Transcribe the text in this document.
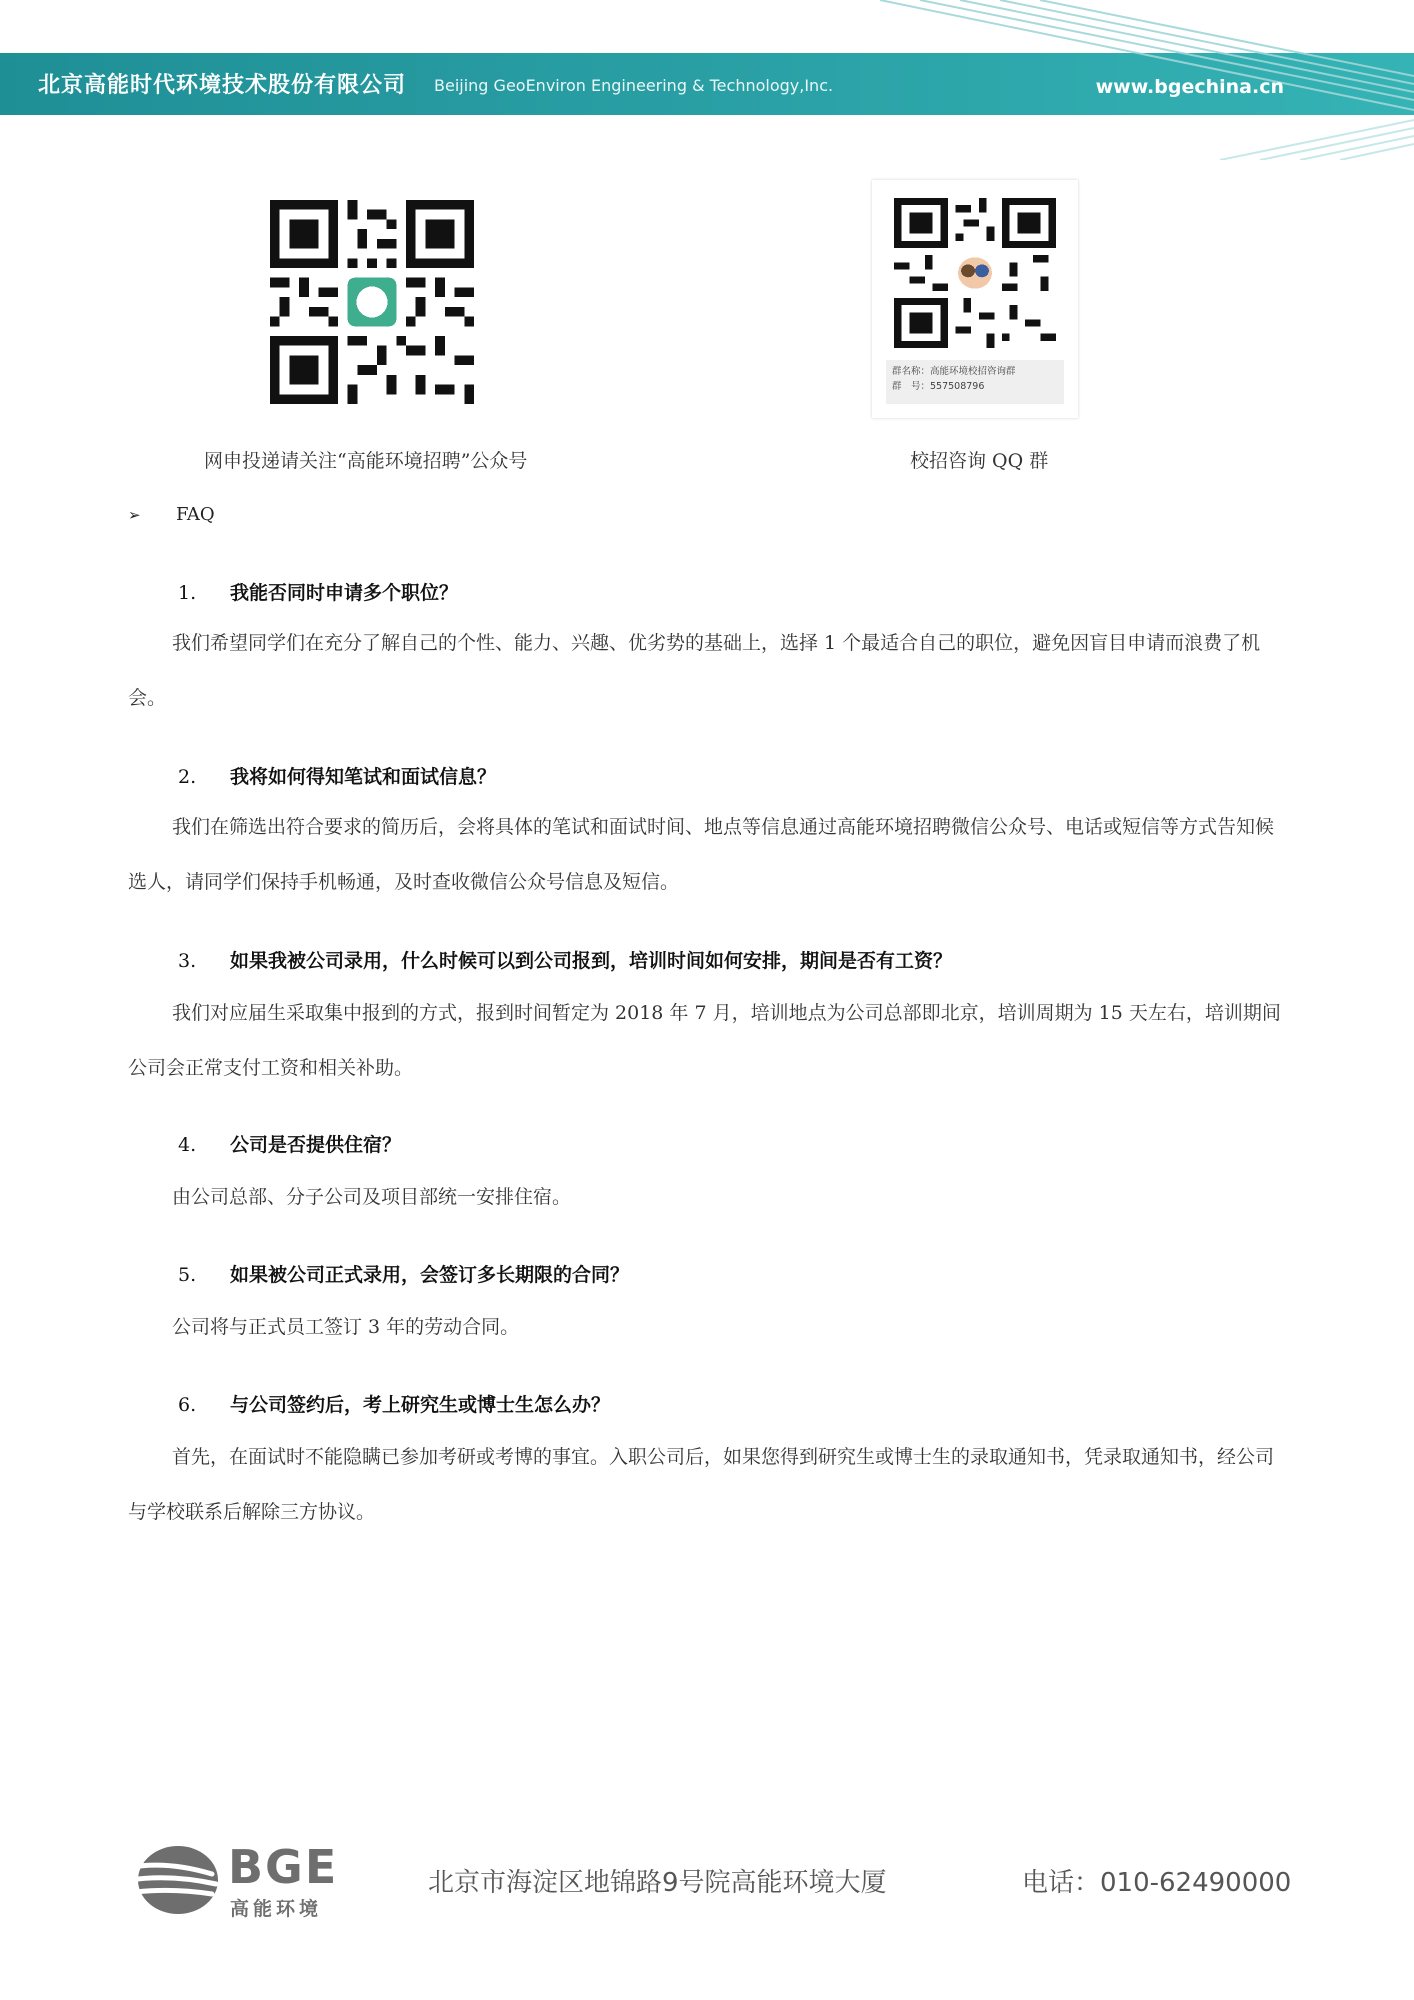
北京高能时代环境技术股份有限公司 Beijing GeoEnviron Engineering & Technology,Inc.	www.bgechina.cn
网申投递请关注“高能环境招聘”公众号
群名称：高能环境校招咨询群
群　号：557508796
校招咨询 QQ 群
➢ FAQ
1. 我能否同时申请多个职位？
我们希望同学们在充分了解自己的个性、能力、兴趣、优劣势的基础上，选择 1 个最适合自己的职位，避免因盲目申请而浪费了机会。
2. 我将如何得知笔试和面试信息？
我们在筛选出符合要求的简历后，会将具体的笔试和面试时间、地点等信息通过高能环境招聘微信公众号、电话或短信等方式告知候选人，请同学们保持手机畅通，及时查收微信公众号信息及短信。
3. 如果我被公司录用，什么时候可以到公司报到，培训时间如何安排，期间是否有工资？
我们对应届生采取集中报到的方式，报到时间暂定为 2018 年 7 月，培训地点为公司总部即北京，培训周期为 15 天左右，培训期间公司会正常支付工资和相关补助。
4. 公司是否提供住宿？
由公司总部、分子公司及项目部统一安排住宿。
5. 如果被公司正式录用，会签订多长期限的合同？
公司将与正式员工签订 3 年的劳动合同。
6. 与公司签约后，考上研究生或博士生怎么办？
首先，在面试时不能隐瞒已参加考研或考博的事宜。入职公司后，如果您得到研究生或博士生的录取通知书，凭录取通知书，经公司与学校联系后解除三方协议。
BGE
高能环境
北京市海淀区地锦路9号院高能环境大厦	电话：010-62490000
